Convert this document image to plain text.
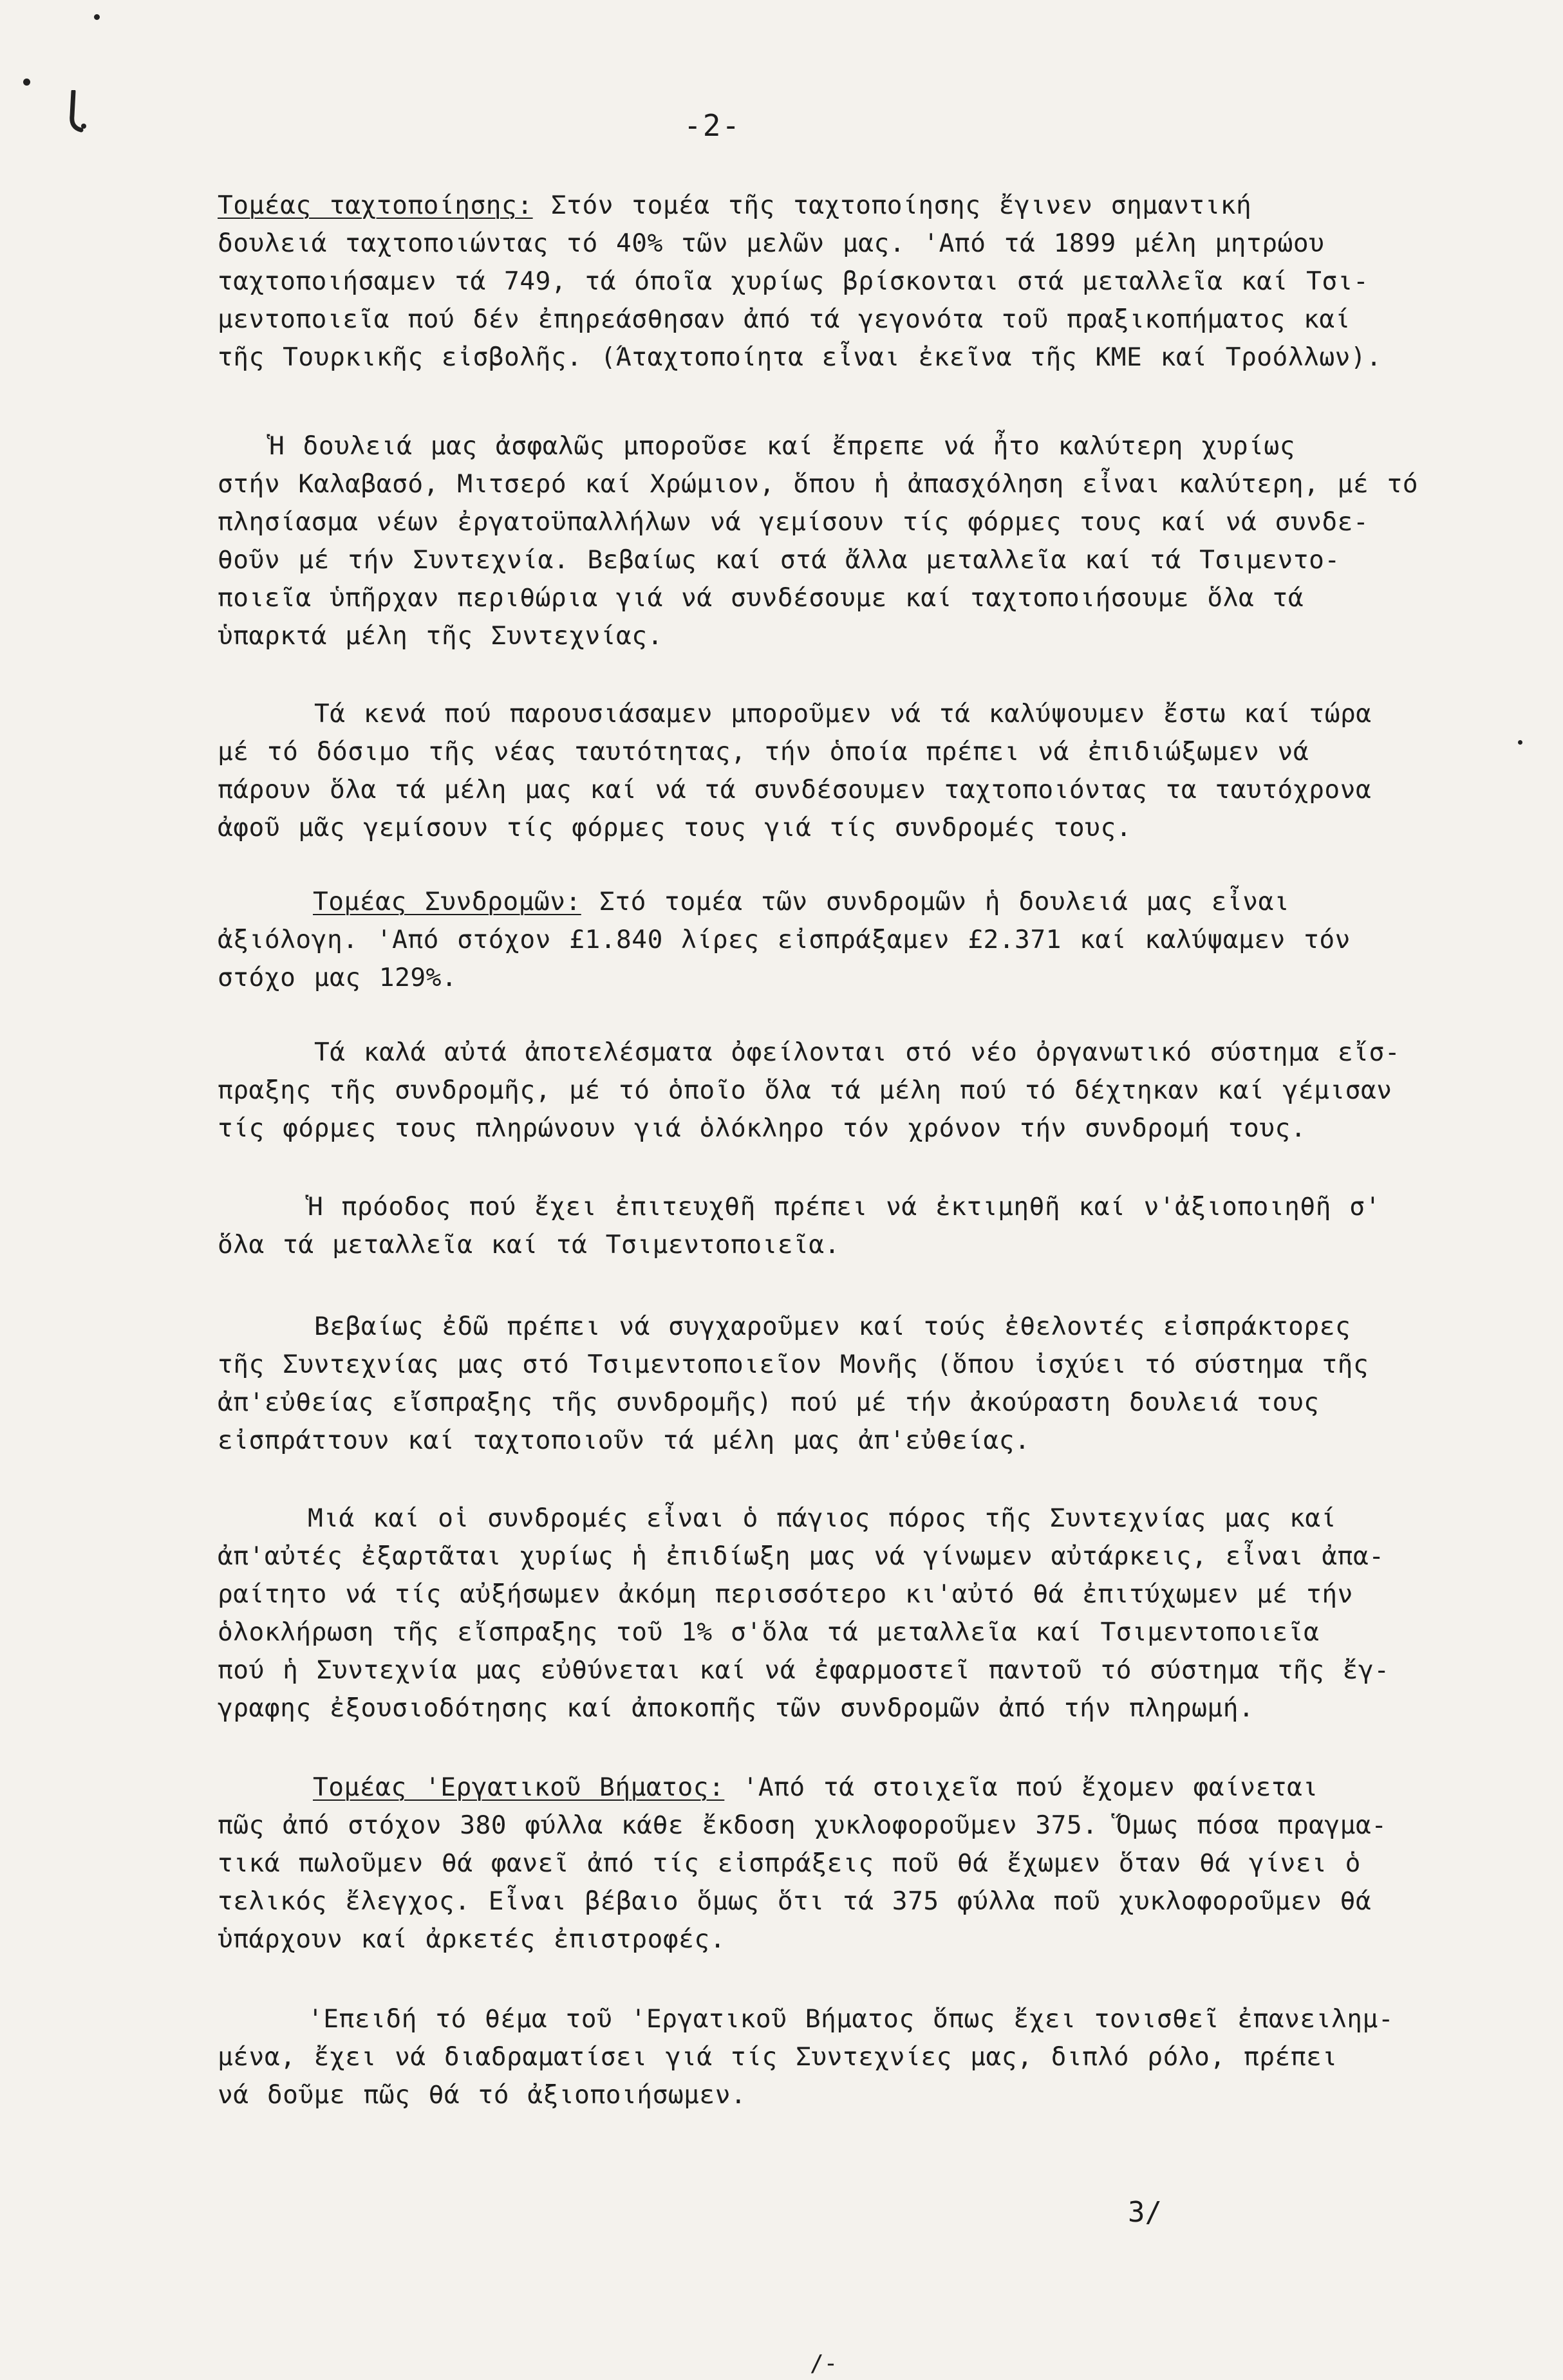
-2-
Τομέας ταχτοποίησης: Στόν τομέα τῆς ταχτοποίησης ἔγινεν σημαντική
δουλειά ταχτοποιώντας τό 40% τῶν μελῶν μας. 'Από τά 1899 μέλη μητρώου
ταχτοποιήσαμεν τά 749, τά όποῖα χυρίως βρίσκονται στά μεταλλεῖα καί Τσι-
μεντοποιεῖα πού δέν ἐπηρεάσθησαν ἀπό τά γεγονότα τοῦ πραξικοπήματος καί
τῆς Τουρκικῆς εἰσβολῆς. (Άταχτοποίητα εἶναι ἐκεῖνα τῆς ΚΜΕ καί Τροόλλων).
Ἡ δουλειά μας ἀσφαλῶς μποροῦσε καί ἔπρεπε νά ἦτο καλύτερη χυρίως
στήν Καλαβασό, Μιτσερό καί Χρώμιον, ὅπου ἡ ἀπασχόληση εἶναι καλύτερη, μέ τό
πλησίασμα νέων ἐργατοϋπαλλήλων νά γεμίσουν τίς φόρμες τους καί νά συνδε-
θοῦν μέ τήν Συντεχνία. Βεβαίως καί στά ἄλλα μεταλλεῖα καί τά Τσιμεντο-
ποιεῖα ὑπῆρχαν περιθώρια γιά νά συνδέσουμε καί ταχτοποιήσουμε ὅλα τά
ὑπαρκτά μέλη τῆς Συντεχνίας.
Τά κενά πού παρουσιάσαμεν μποροῦμεν νά τά καλύψουμεν ἔστω καί τώρα
μέ τό δόσιμο τῆς νέας ταυτότητας, τήν ὁποία πρέπει νά ἐπιδιώξωμεν νά
πάρουν ὅλα τά μέλη μας καί νά τά συνδέσουμεν ταχτοποιόντας τα ταυτόχρονα
ἀφοῦ μᾶς γεμίσουν τίς φόρμες τους γιά τίς συνδρομές τους.
Τομέας Συνδρομῶν: Στό τομέα τῶν συνδρομῶν ἡ δουλειά μας εἶναι
ἀξιόλογη. 'Από στόχον £1.840 λίρες εἰσπράξαμεν £2.371 καί καλύψαμεν τόν
στόχο μας 129%.
Τά καλά αὐτά ἀποτελέσματα ὀφείλονται στό νέο ὀργανωτικό σύστημα εἴσ-
πραξης τῆς συνδρομῆς, μέ τό ὁποῖο ὅλα τά μέλη πού τό δέχτηκαν καί γέμισαν
τίς φόρμες τους πληρώνουν γιά ὁλόκληρο τόν χρόνον τήν συνδρομή τους.
Ἡ πρόοδος πού ἔχει ἐπιτευχθῆ πρέπει νά ἐκτιμηθῆ καί ν'ἀξιοποιηθῆ σ'
ὅλα τά μεταλλεῖα καί τά Τσιμεντοποιεῖα.
Βεβαίως ἐδῶ πρέπει νά συγχαροῦμεν καί τούς ἐθελοντές εἰσπράκτορες
τῆς Συντεχνίας μας στό Τσιμεντοποιεῖον Μονῆς (ὅπου ἰσχύει τό σύστημα τῆς
ἀπ'εὐθείας εἴσπραξης τῆς συνδρομῆς) πού μέ τήν ἀκούραστη δουλειά τους
εἰσπράττουν καί ταχτοποιοῦν τά μέλη μας ἀπ'εὐθείας.
Μιά καί οἱ συνδρομές εἶναι ὁ πάγιος πόρος τῆς Συντεχνίας μας καί
ἀπ'αὐτές ἐξαρτᾶται χυρίως ἡ ἐπιδίωξη μας νά γίνωμεν αὐτάρκεις, εἶναι ἀπα-
ραίτητο νά τίς αὐξήσωμεν ἀκόμη περισσότερο κι'αὐτό θά ἐπιτύχωμεν μέ τήν
ὁλοκλήρωση τῆς εἴσπραξης τοῦ 1% σ'ὅλα τά μεταλλεῖα καί Τσιμεντοποιεῖα
πού ἡ Συντεχνία μας εὐθύνεται καί νά ἐφαρμοστεῖ παντοῦ τό σύστημα τῆς ἔγ-
γραφης ἐξουσιοδότησης καί ἀποκοπῆς τῶν συνδρομῶν ἀπό τήν πληρωμή.
Τομέας 'Εργατικοῦ Βήματος: 'Από τά στοιχεῖα πού ἔχομεν φαίνεται
πῶς ἀπό στόχον 380 φύλλα κάθε ἔκδοση χυκλοφοροῦμεν 375. Ὅμως πόσα πραγμα-
τικά πωλοῦμεν θά φανεῖ ἀπό τίς εἰσπράξεις ποῦ θά ἔχωμεν ὅταν θά γίνει ὁ
τελικός ἔλεγχος. Εἶναι βέβαιο ὅμως ὅτι τά 375 φύλλα ποῦ χυκλοφοροῦμεν θά
ὑπάρχουν καί ἀρκετές ἐπιστροφές.
'Επειδή τό θέμα τοῦ 'Εργατικοῦ Βήματος ὅπως ἔχει τονισθεῖ ἐπανειλημ-
μένα, ἔχει νά διαδραματίσει γιά τίς Συντεχνίες μας, διπλό ρόλο, πρέπει
νά δοῦμε πῶς θά τό ἀξιοποιήσωμεν.
3/
/-
